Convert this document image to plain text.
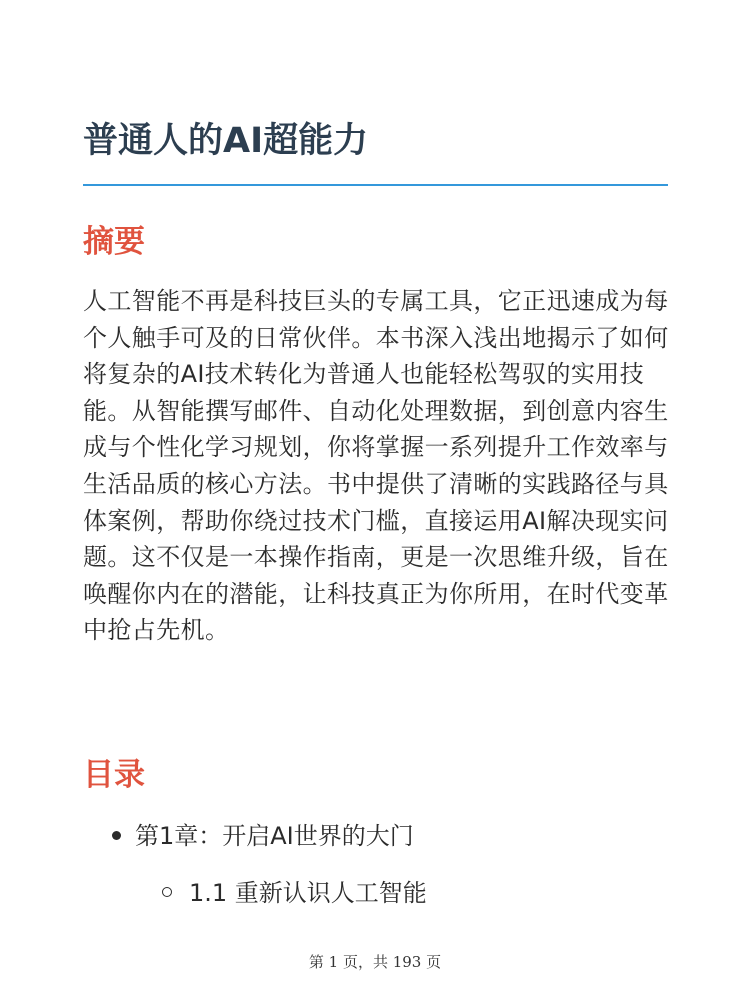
普通人的AI超能力
摘要

人工智能不再是科技巨头的专属工具，它正迅速成为每个人触手可及的日常伙伴。本书深入浅出地揭示了如何将复杂的AI技术转化为普通人也能轻松驾驭的实用技能。从智能撰写邮件、自动化处理数据，到创意内容生成与个性化学习规划，你将掌握一系列提升工作效率与生活品质的核心方法。书中提供了清晰的实践路径与具体案例，帮助你绕过技术门槛，直接运用AI解决现实问题。这不仅是一本操作指南，更是一次思维升级，旨在唤醒你内在的潜能，让科技真正为你所用，在时代变革中抢占先机。

目录
第1章：开启AI世界的大门
1.1 重新认识人工智能
第 1 页，共 193 页
